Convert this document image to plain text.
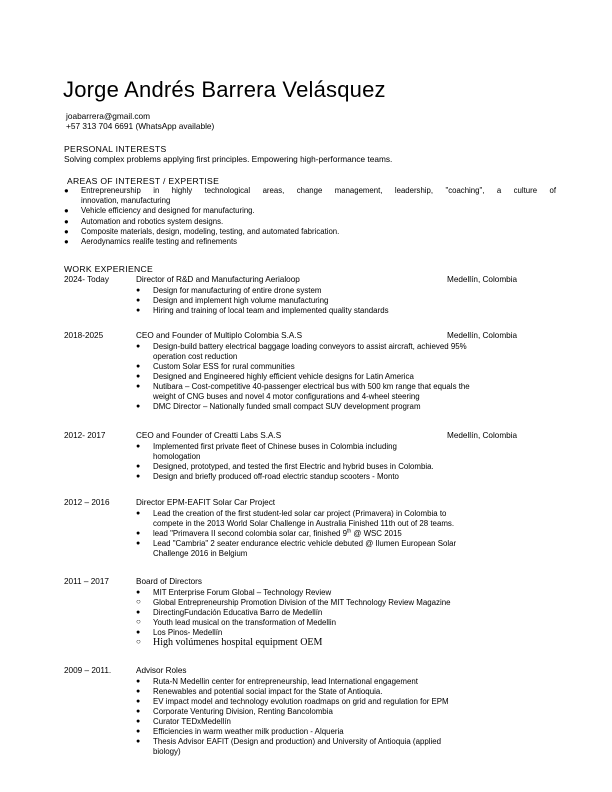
Jorge Andrés Barrera Velásquez
joabarrera@gmail.com
+57 313 704 6691 (WhatsApp available)
PERSONAL INTERESTS
Solving complex problems applying first principles. Empowering high-performance teams.
AREAS OF INTEREST / EXPERTISE
● Entrepreneurship in highly technological areas, change management, leadership, "coaching", a culture of
innovation, manufacturing
● Vehicle efficiency and designed for manufacturing.
● Automation and robotics system designs.
● Composite materials, design, modeling, testing, and automated fabrication.
● Aerodynamics realife testing and refinements
WORK EXPERIENCE
2024- Today	Director of R&D and Manufacturing Aerialoop	Medellín, Colombia
● Design for manufacturing of entire drone system
● Design and implement high volume manufacturing
● Hiring and training of local team and implemented quality standards
2018-2025	CEO and Founder of Multiplo Colombia S.A.S	Medellín, Colombia
● Design-build battery electrical baggage loading conveyors to assist aircraft, achieved 95%
operation cost reduction
● Custom Solar ESS for rural communities
● Designed and Engineered highly efficient vehicle designs for Latin America
● Nutibara – Cost-competitive 40-passenger electrical bus with 500 km range that equals the
weight of CNG buses and novel 4 motor configurations and 4-wheel steering
● DMC Director – Nationally funded small compact SUV development program
2012- 2017	CEO and Founder of Creatti Labs S.A.S	Medellín, Colombia
● Implemented first private fleet of Chinese buses in Colombia including
homologation
● Designed, prototyped, and tested the first Electric and hybrid buses in Colombia.
● Design and briefly produced off-road electric standup scooters - Monto
2012 – 2016	Director EPM-EAFIT Solar Car Project
● Lead the creation of the first student-led solar car project (Primavera) in Colombia to
compete in the 2013 World Solar Challenge in Australia Finished 11th out of 28 teams.
● lead "Primavera II second colombia solar car, finished 9th @ WSC 2015
● Lead "Cambria" 2 seater endurance electric vehicle debuted @ Ilumen European Solar
Challenge 2016 in Belgium
2011 – 2017	Board of Directors
● MIT Enterprise Forum Global – Technology Review
○ Global Entrepreneurship Promotion Division of the MIT Technology Review Magazine
● DirectingFundación Educativa Barro de Medellín
○ Youth lead musical on the transformation of Medellin
● Los Pinos- Medellín
○ High volúmenes hospital equipment OEM
2009 – 2011.	Advisor Roles
● Ruta-N Medellin center for entrepreneurship, lead International engagement
● Renewables and potential social impact for the State of Antioquia.
● EV impact model and technology evolution roadmaps on grid and regulation for EPM
● Corporate Venturing Division, Renting Bancolombia
● Curator TEDxMedellín
● Efficiencies in warm weather milk production - Alqueria
● Thesis Advisor EAFIT (Design and production) and University of Antioquia (applied
biology)
